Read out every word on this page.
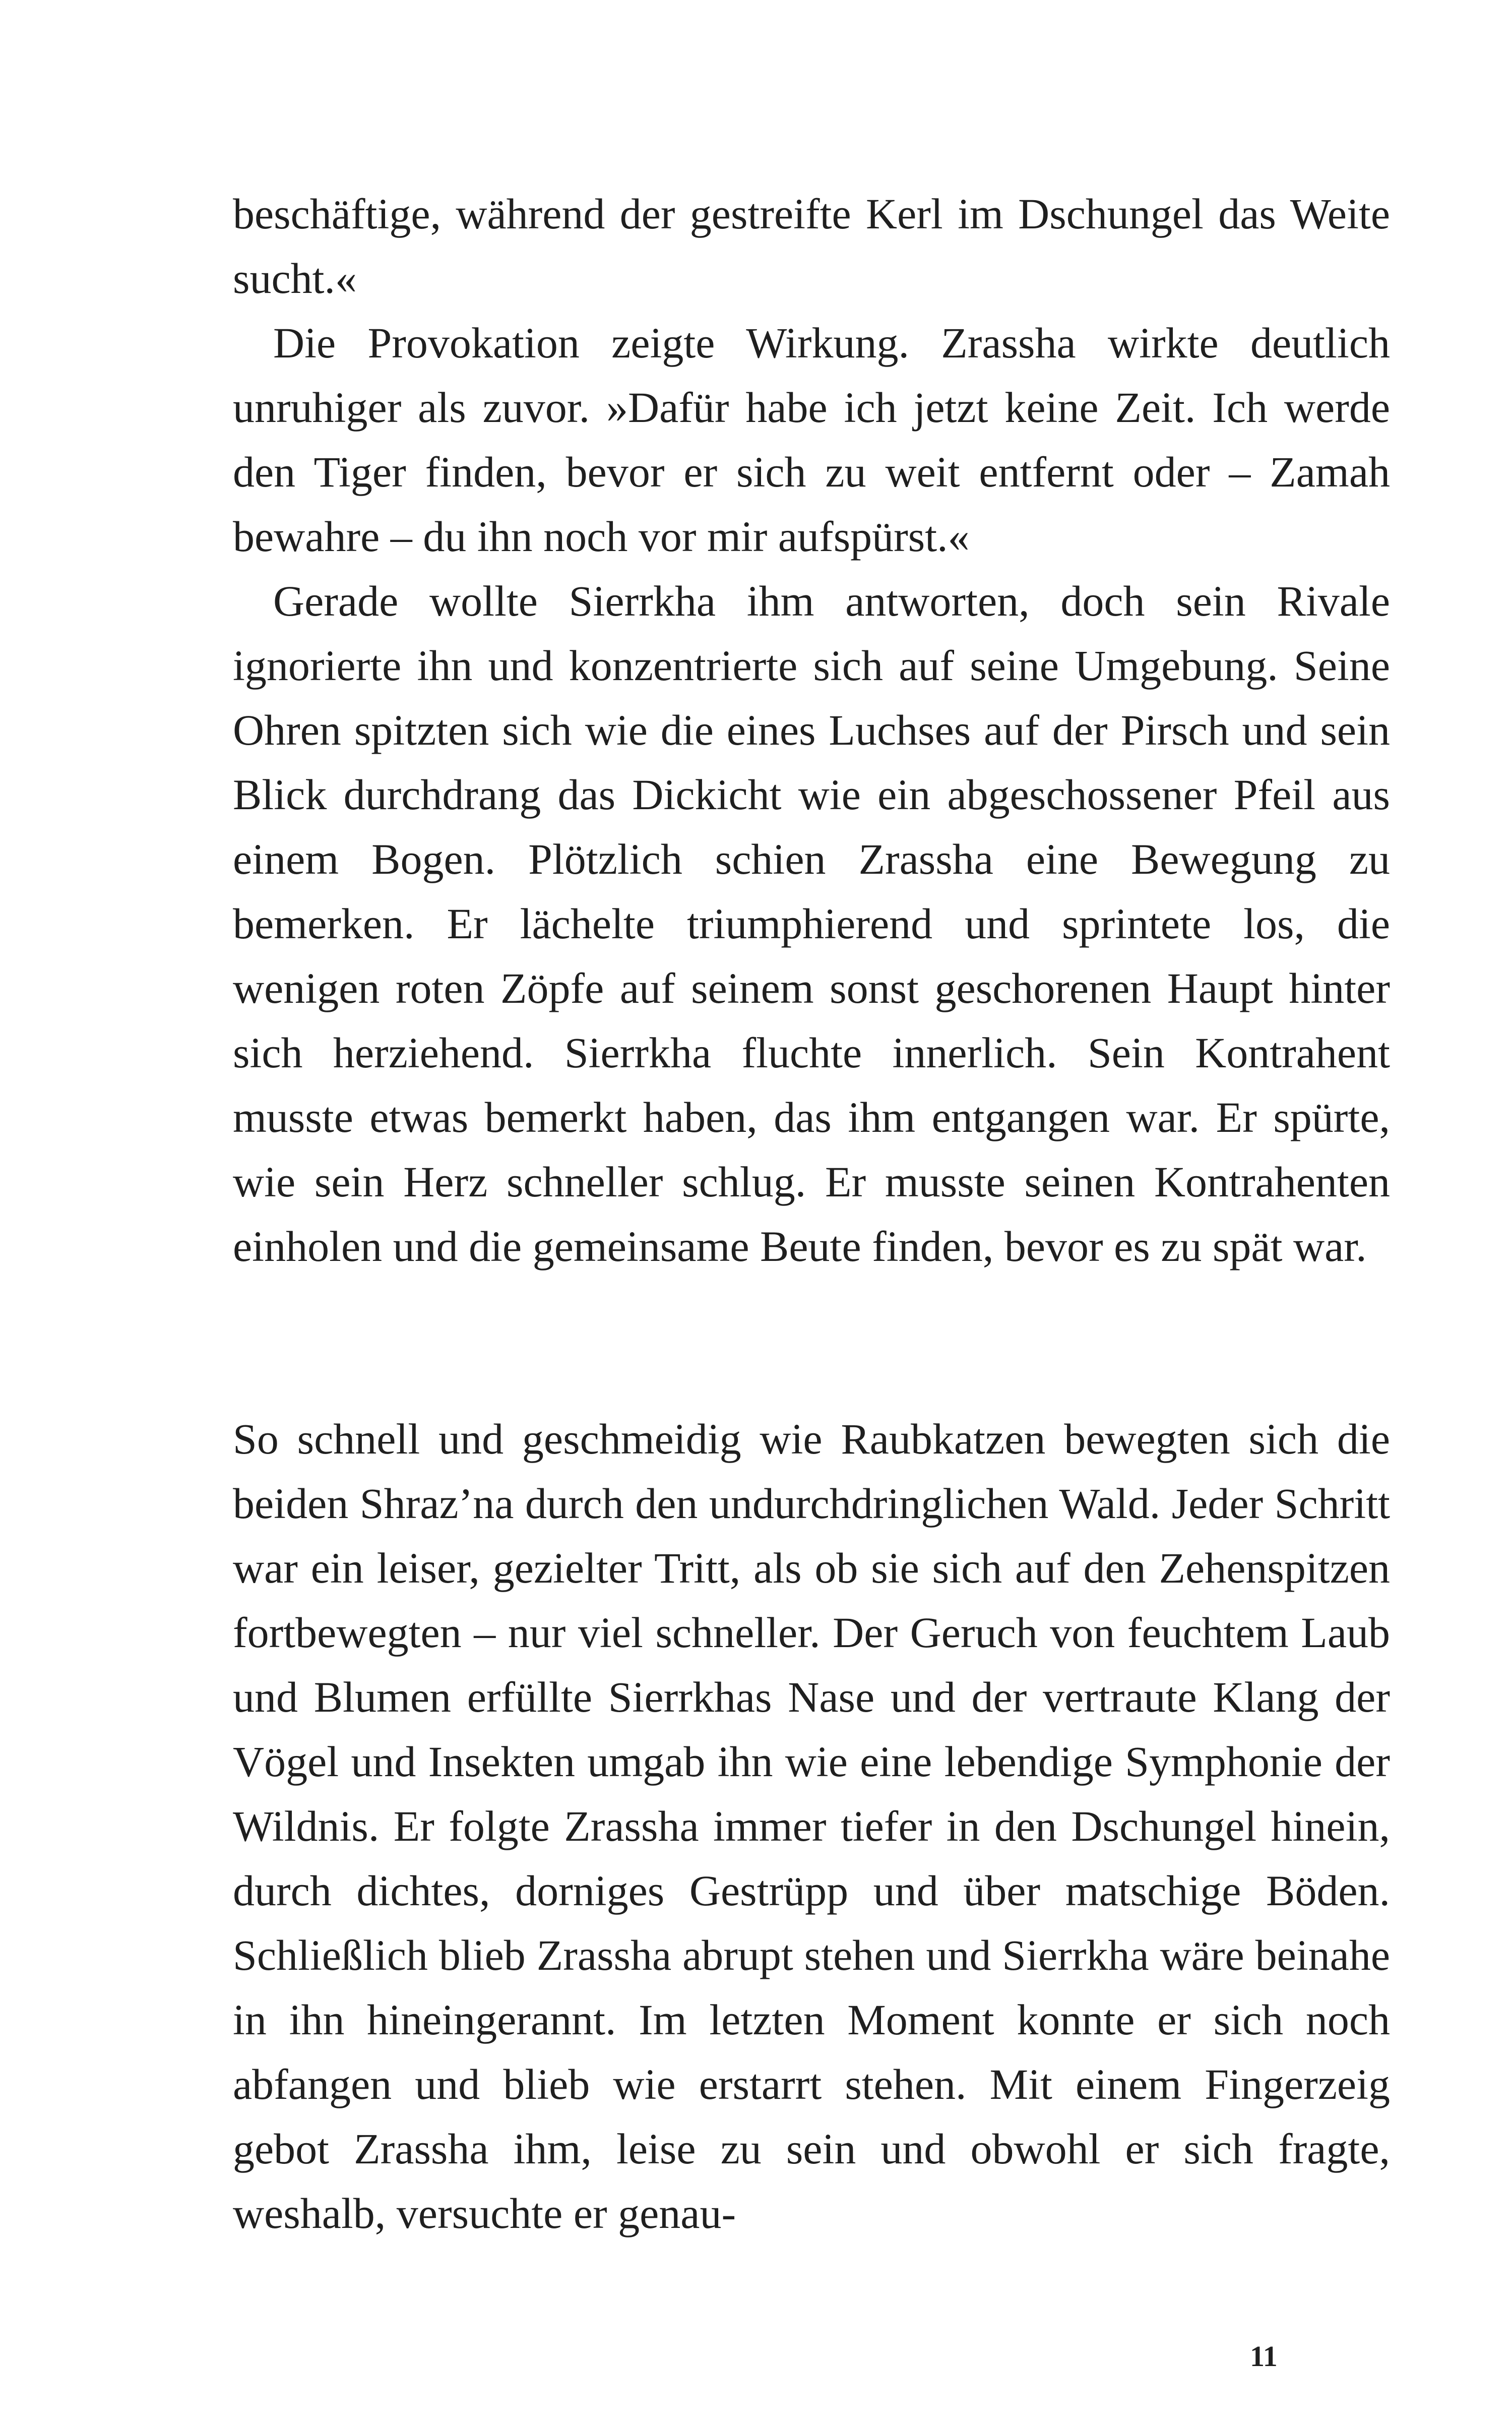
beschäftige, während der gestreifte Kerl im Dschungel das Weite sucht.«

Die Provokation zeigte Wirkung. Zrassha wirkte deutlich unruhiger als zuvor. »Dafür habe ich jetzt keine Zeit. Ich werde den Tiger finden, bevor er sich zu weit entfernt oder – Zamah bewahre – du ihn noch vor mir aufspürst.«

Gerade wollte Sierrkha ihm antworten, doch sein Rivale ignorierte ihn und konzentrierte sich auf seine Umgebung. Seine Ohren spitzten sich wie die eines Luchses auf der Pirsch und sein Blick durchdrang das Dickicht wie ein abgeschossener Pfeil aus einem Bogen. Plötzlich schien Zrassha eine Bewegung zu bemerken. Er lächelte triumphierend und sprintete los, die wenigen roten Zöpfe auf seinem sonst geschorenen Haupt hinter sich herziehend. Sierrkha fluchte innerlich. Sein Kontrahent musste etwas bemerkt haben, das ihm entgangen war. Er spürte, wie sein Herz schneller schlug. Er musste seinen Kontrahenten einholen und die gemeinsame Beute finden, bevor es zu spät war.

So schnell und geschmeidig wie Raubkatzen bewegten sich die beiden Shraz’na durch den undurchdringlichen Wald. Jeder Schritt war ein leiser, gezielter Tritt, als ob sie sich auf den Zehenspitzen fortbewegten – nur viel schneller. Der Geruch von feuchtem Laub und Blumen erfüllte Sierrkhas Nase und der vertraute Klang der Vögel und Insekten umgab ihn wie eine lebendige Symphonie der Wildnis. Er folgte Zrassha immer tiefer in den Dschungel hinein, durch dichtes, dorniges Gestrüpp und über matschige Böden. Schließlich blieb Zrassha abrupt stehen und Sierrkha wäre beinahe in ihn hineingerannt. Im letzten Moment konnte er sich noch abfangen und blieb wie erstarrt stehen. Mit einem Fingerzeig gebot Zrassha ihm, leise zu sein und obwohl er sich fragte, weshalb, versuchte er genau-

11
